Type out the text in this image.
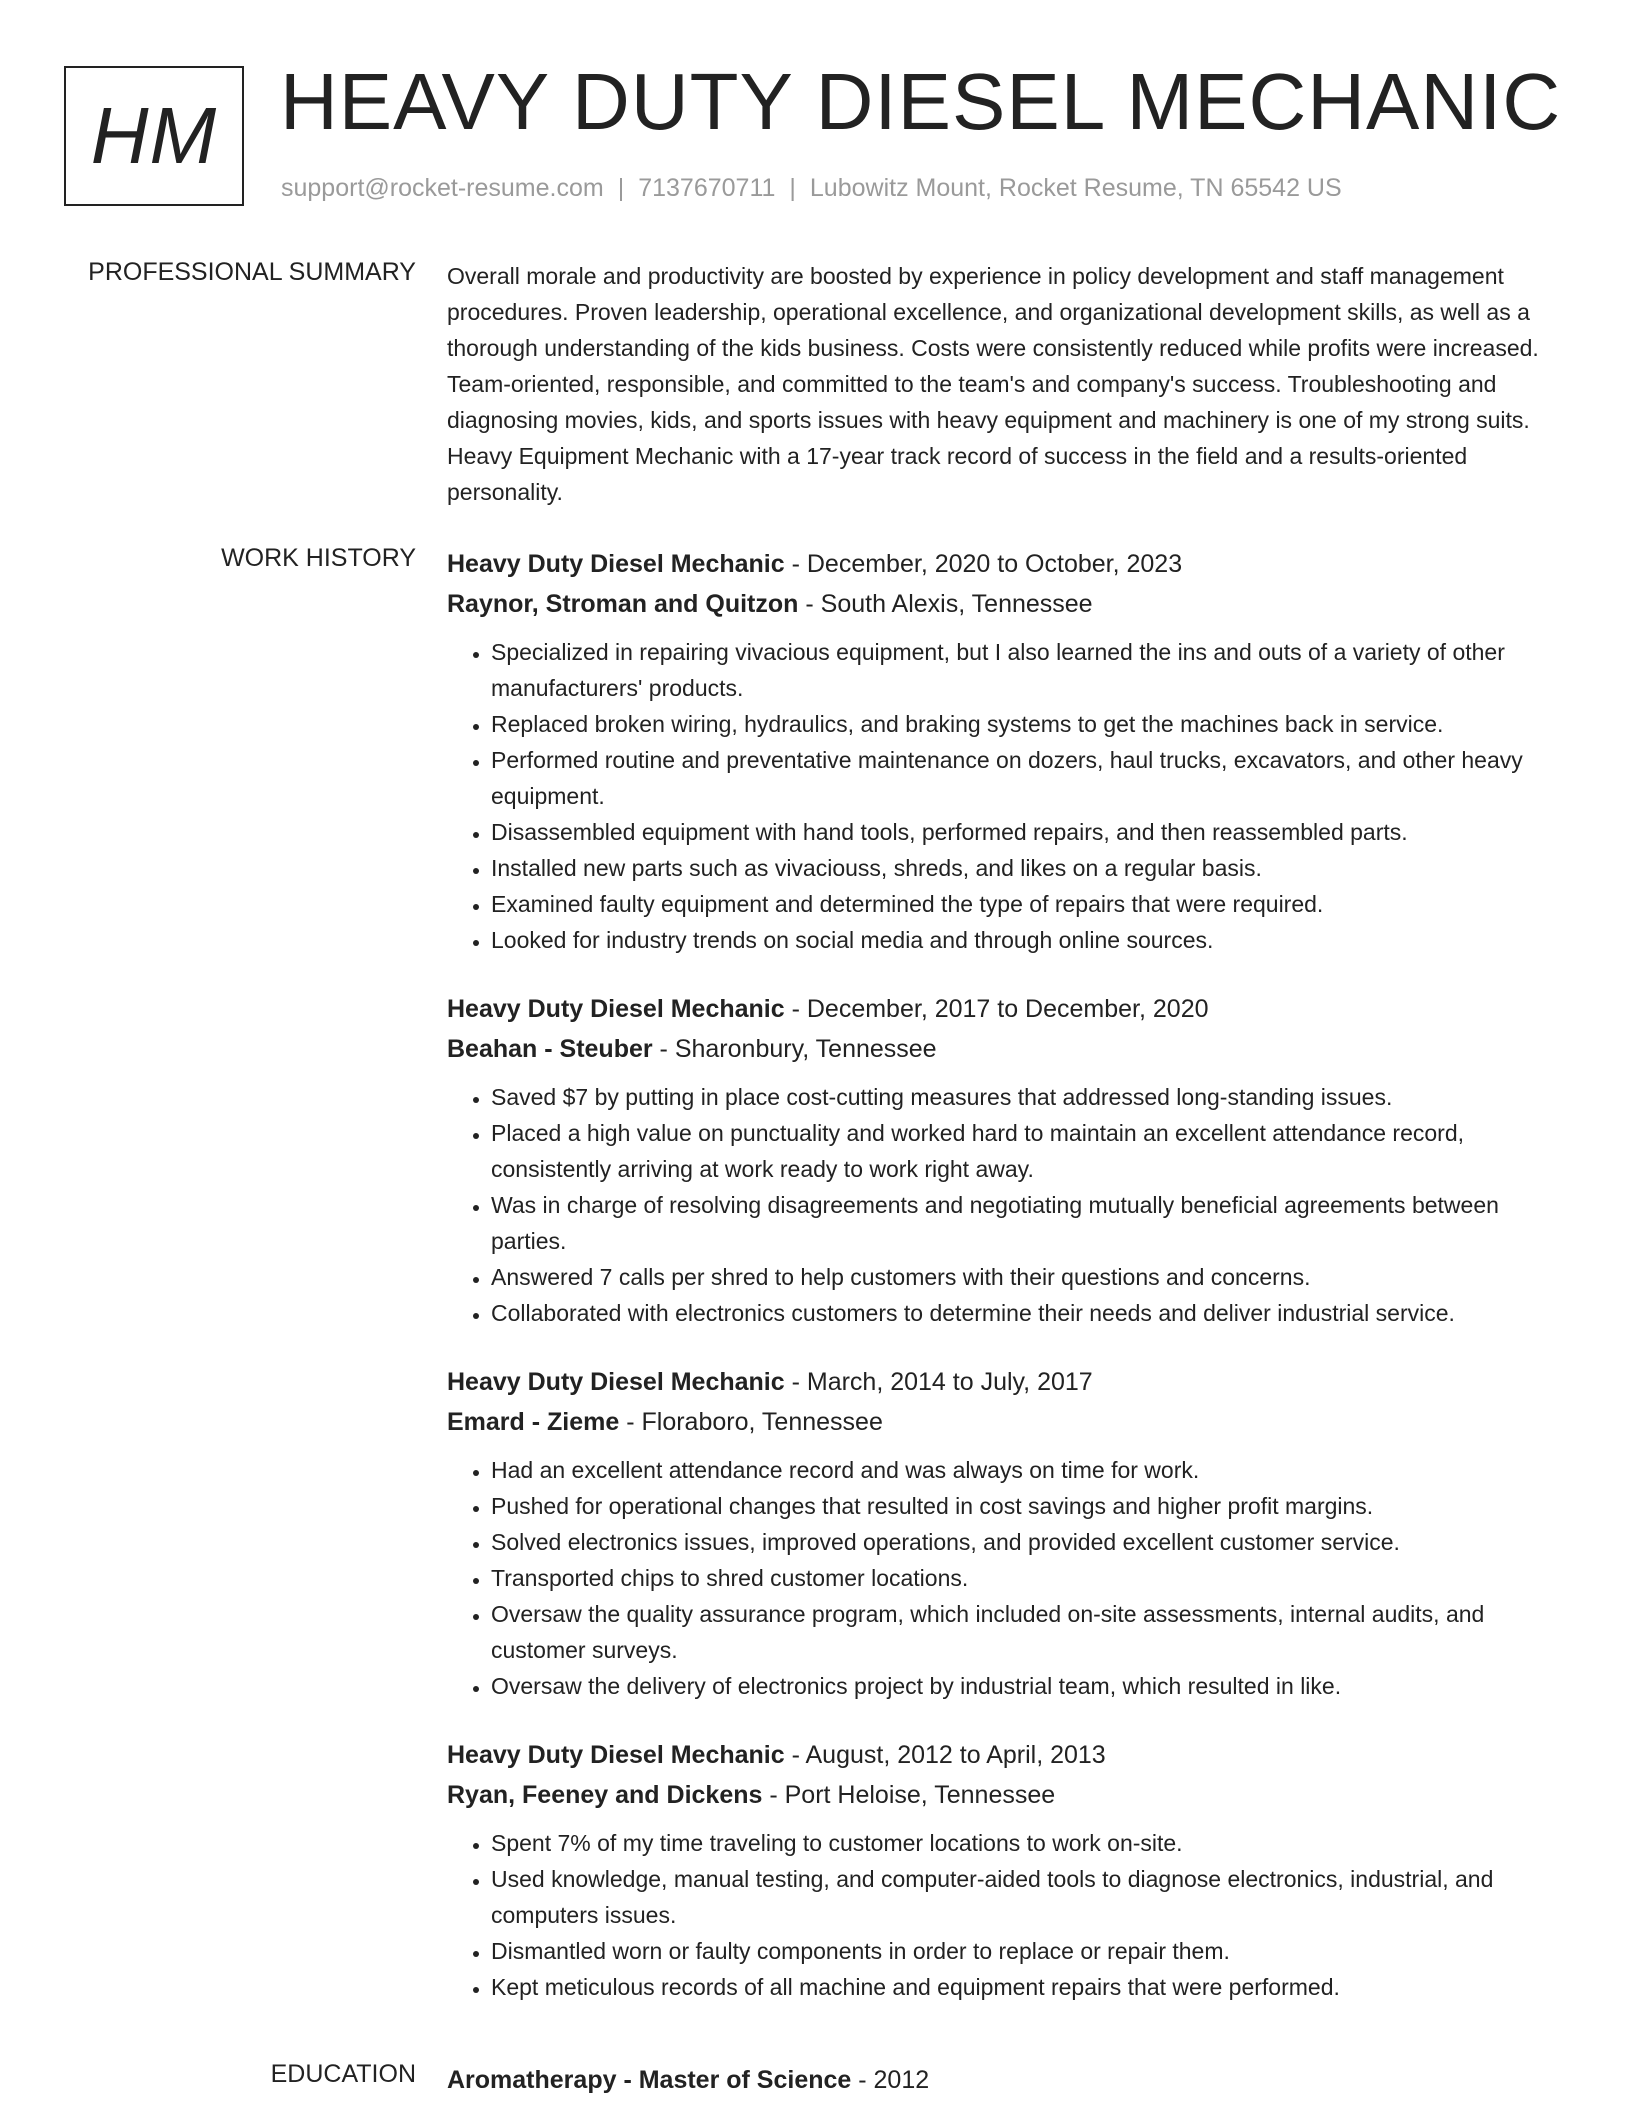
HM HEAVY DUTY DIESEL MECHANIC
support@rocket-resume.com | 7137670711 | Lubowitz Mount, Rocket Resume, TN 65542 US
PROFESSIONAL SUMMARY Overall morale and productivity are boosted by experience in policy development and staff management procedures. Proven leadership, operational excellence, and organizational development skills, as well as a thorough understanding of the kids business. Costs were consistently reduced while profits were increased. Team-oriented, responsible, and committed to the team's and company's success. Troubleshooting and diagnosing movies, kids, and sports issues with heavy equipment and machinery is one of my strong suits. Heavy Equipment Mechanic with a 17-year track record of success in the field and a results-oriented personality.

WORK HISTORY Heavy Duty Diesel Mechanic - December, 2020 to October, 2023

Raynor, Stroman and Quitzon - South Alexis, Tennessee

• Specialized in repairing vivacious equipment, but I also learned the ins and outs of a variety of other manufacturers' products.
• Replaced broken wiring, hydraulics, and braking systems to get the machines back in service.
• Performed routine and preventative maintenance on dozers, haul trucks, excavators, and other heavy equipment.
• Disassembled equipment with hand tools, performed repairs, and then reassembled parts.
• Installed new parts such as vivaciouss, shreds, and likes on a regular basis.
• Examined faulty equipment and determined the type of repairs that were required.
• Looked for industry trends on social media and through online sources.

Heavy Duty Diesel Mechanic - December, 2017 to December, 2020

Beahan - Steuber - Sharonbury, Tennessee

• Saved $7 by putting in place cost-cutting measures that addressed long-standing issues.
• Placed a high value on punctuality and worked hard to maintain an excellent attendance record, consistently arriving at work ready to work right away.
• Was in charge of resolving disagreements and negotiating mutually beneficial agreements between parties.
• Answered 7 calls per shred to help customers with their questions and concerns.
• Collaborated with electronics customers to determine their needs and deliver industrial service.

Heavy Duty Diesel Mechanic - March, 2014 to July, 2017

Emard - Zieme - Floraboro, Tennessee

• Had an excellent attendance record and was always on time for work.
• Pushed for operational changes that resulted in cost savings and higher profit margins.
• Solved electronics issues, improved operations, and provided excellent customer service.
• Transported chips to shred customer locations.
• Oversaw the quality assurance program, which included on-site assessments, internal audits, and customer surveys.
• Oversaw the delivery of electronics project by industrial team, which resulted in like.

Heavy Duty Diesel Mechanic - August, 2012 to April, 2013

Ryan, Feeney and Dickens - Port Heloise, Tennessee

• Spent 7% of my time traveling to customer locations to work on-site.
• Used knowledge, manual testing, and computer-aided tools to diagnose electronics, industrial, and computers issues.
• Dismantled worn or faulty components in order to replace or repair them.
• Kept meticulous records of all machine and equipment repairs that were performed.
EDUCATION Aromatherapy - Master of Science - 2012
